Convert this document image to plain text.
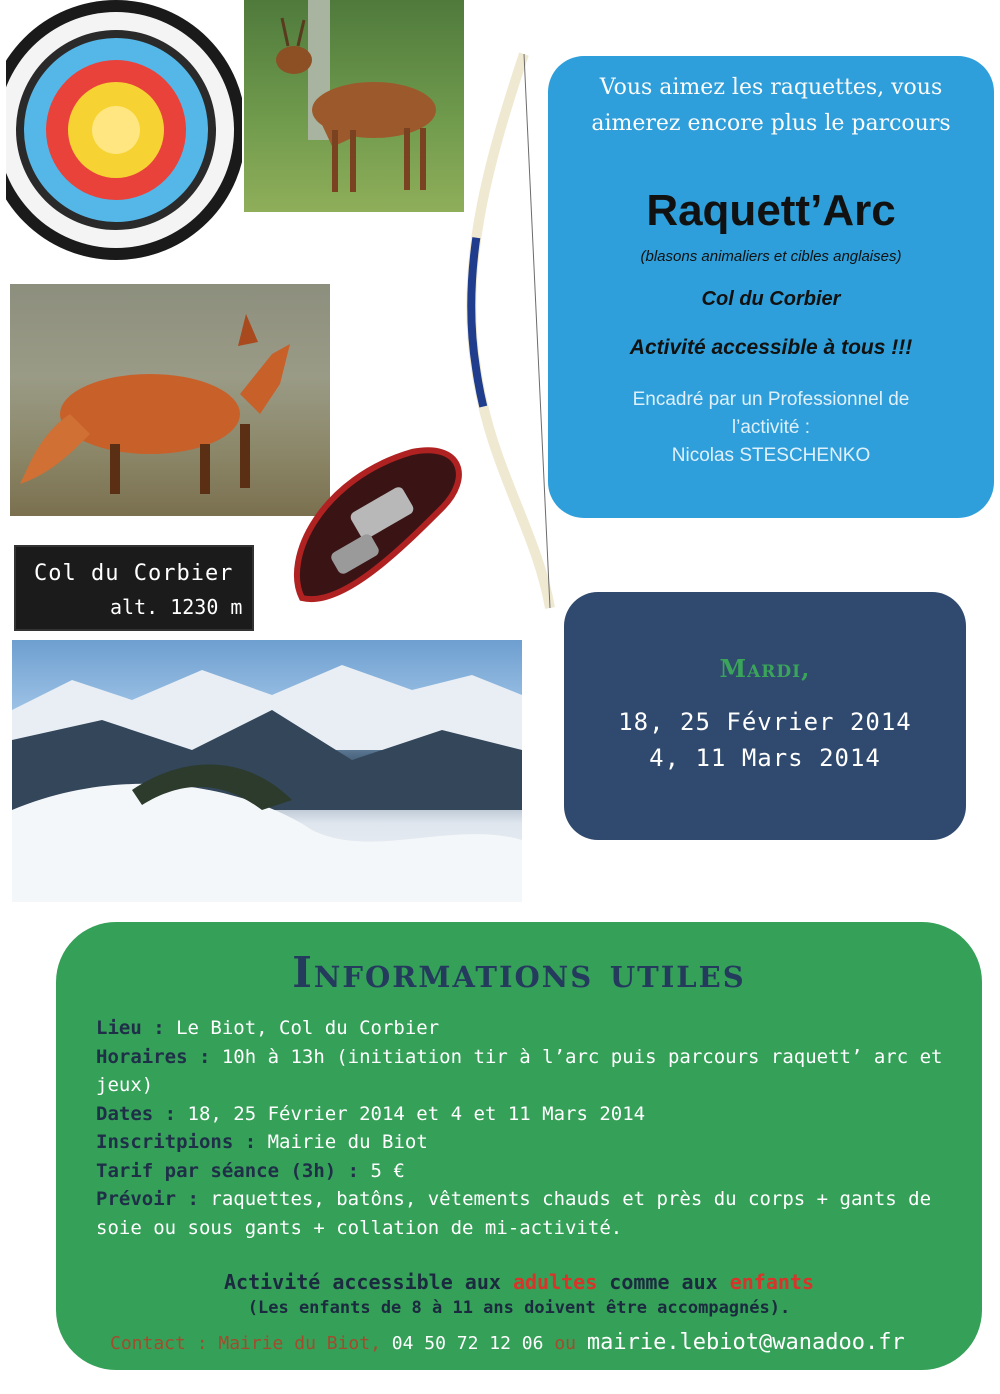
Col du Corbier
alt. 1230 m
Vous aimez les raquettes, vous aimerez encore plus le parcours
Raquett’Arc
(blasons animaliers et cibles anglaises)
Col du Corbier
Activité accessible à tous !!!
Encadré par un Professionnel de
l’activité :
Nicolas STESCHENKO
Mardi,
18, 25 Février 2014
4, 11 Mars 2014
Informations utiles
Lieu : Le Biot, Col du Corbier
Horaires : 10h à 13h (initiation tir à l’arc puis parcours raquett’ arc et jeux)
Dates : 18, 25 Février 2014 et 4 et 11 Mars 2014
Inscritpions : Mairie du Biot
Tarif par séance (3h) : 5 €
Prévoir : raquettes, batôns, vêtements chauds et près du corps + gants de soie ou sous gants + collation de mi-activité.
Activité accessible aux adultes comme aux enfants
(Les enfants de 8 à 11 ans doivent être accompagnés).
Contact : Mairie du Biot, 04 50 72 12 06 ou mairie.lebiot@wanadoo.fr
